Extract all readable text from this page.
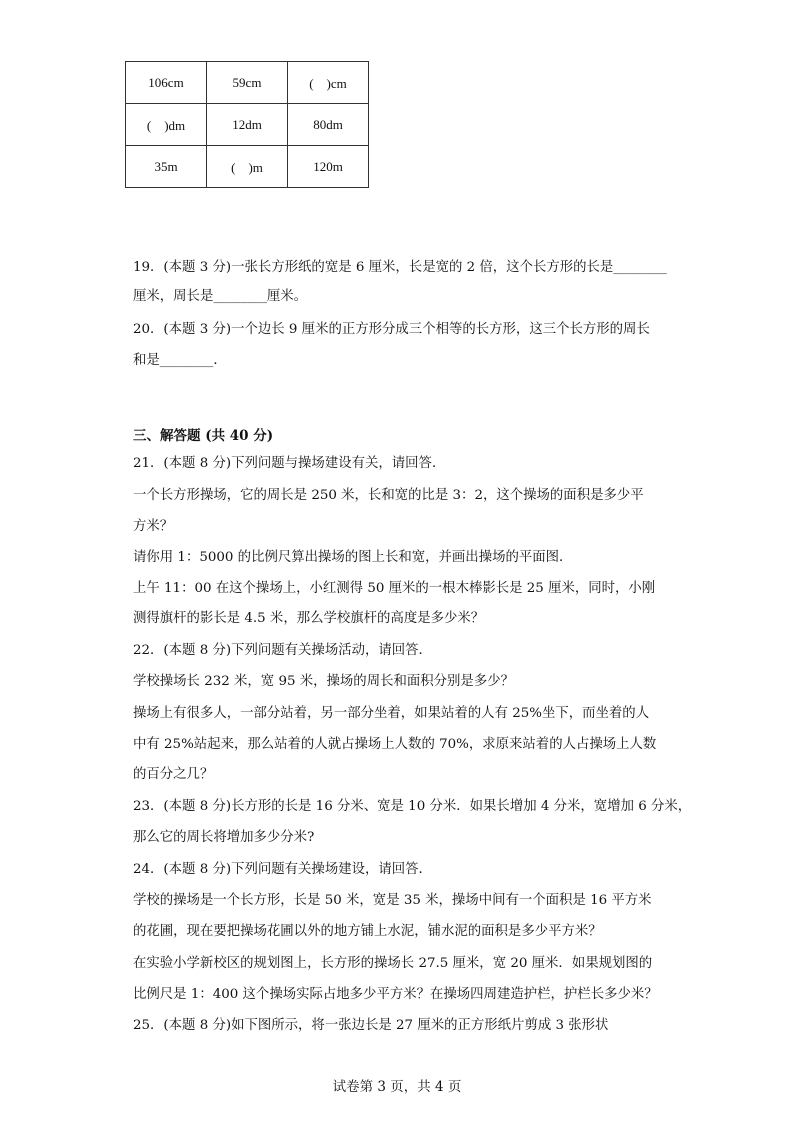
106cm	59cm	(　)cm
(　)dm	12dm	80dm
35m	(　)m	120m
19．(本题 3 分)一张长方形纸的宽是 6 厘米，长是宽的 2 倍，这个长方形的长是________
厘米，周长是________厘米。
20．(本题 3 分)一个边长 9 厘米的正方形分成三个相等的长方形，这三个长方形的周长
和是________．
三、解答题 (共 40 分)
21．(本题 8 分)下列问题与操场建设有关，请回答．
一个长方形操场，它的周长是 250 米，长和宽的比是 3：2，这个操场的面积是多少平
方米？
请你用 1：5000 的比例尺算出操场的图上长和宽，并画出操场的平面图．
上午 11：00 在这个操场上，小红测得 50 厘米的一根木棒影长是 25 厘米，同时，小刚
测得旗杆的影长是 4.5 米，那么学校旗杆的高度是多少米？
22．(本题 8 分)下列问题有关操场活动，请回答．
学校操场长 232 米，宽 95 米，操场的周长和面积分别是多少？
操场上有很多人，一部分站着，另一部分坐着，如果站着的人有 25%坐下，而坐着的人
中有 25%站起来，那么站着的人就占操场上人数的 70%，求原来站着的人占操场上人数
的百分之几？
23．(本题 8 分)长方形的长是 16 分米、宽是 10 分米．如果长增加 4 分米，宽增加 6 分米，
那么它的周长将增加多少分米?
24．(本题 8 分)下列问题有关操场建设，请回答．
学校的操场是一个长方形，长是 50 米，宽是 35 米，操场中间有一个面积是 16 平方米
的花圃，现在要把操场花圃以外的地方铺上水泥，铺水泥的面积是多少平方米？
在实验小学新校区的规划图上，长方形的操场长 27.5 厘米，宽 20 厘米．如果规划图的
比例尺是 1：400 这个操场实际占地多少平方米？在操场四周建造护栏，护栏长多少米？
25．(本题 8 分)如下图所示，将一张边长是 27 厘米的正方形纸片剪成 3 张形状
试卷第 3 页，共 4 页
